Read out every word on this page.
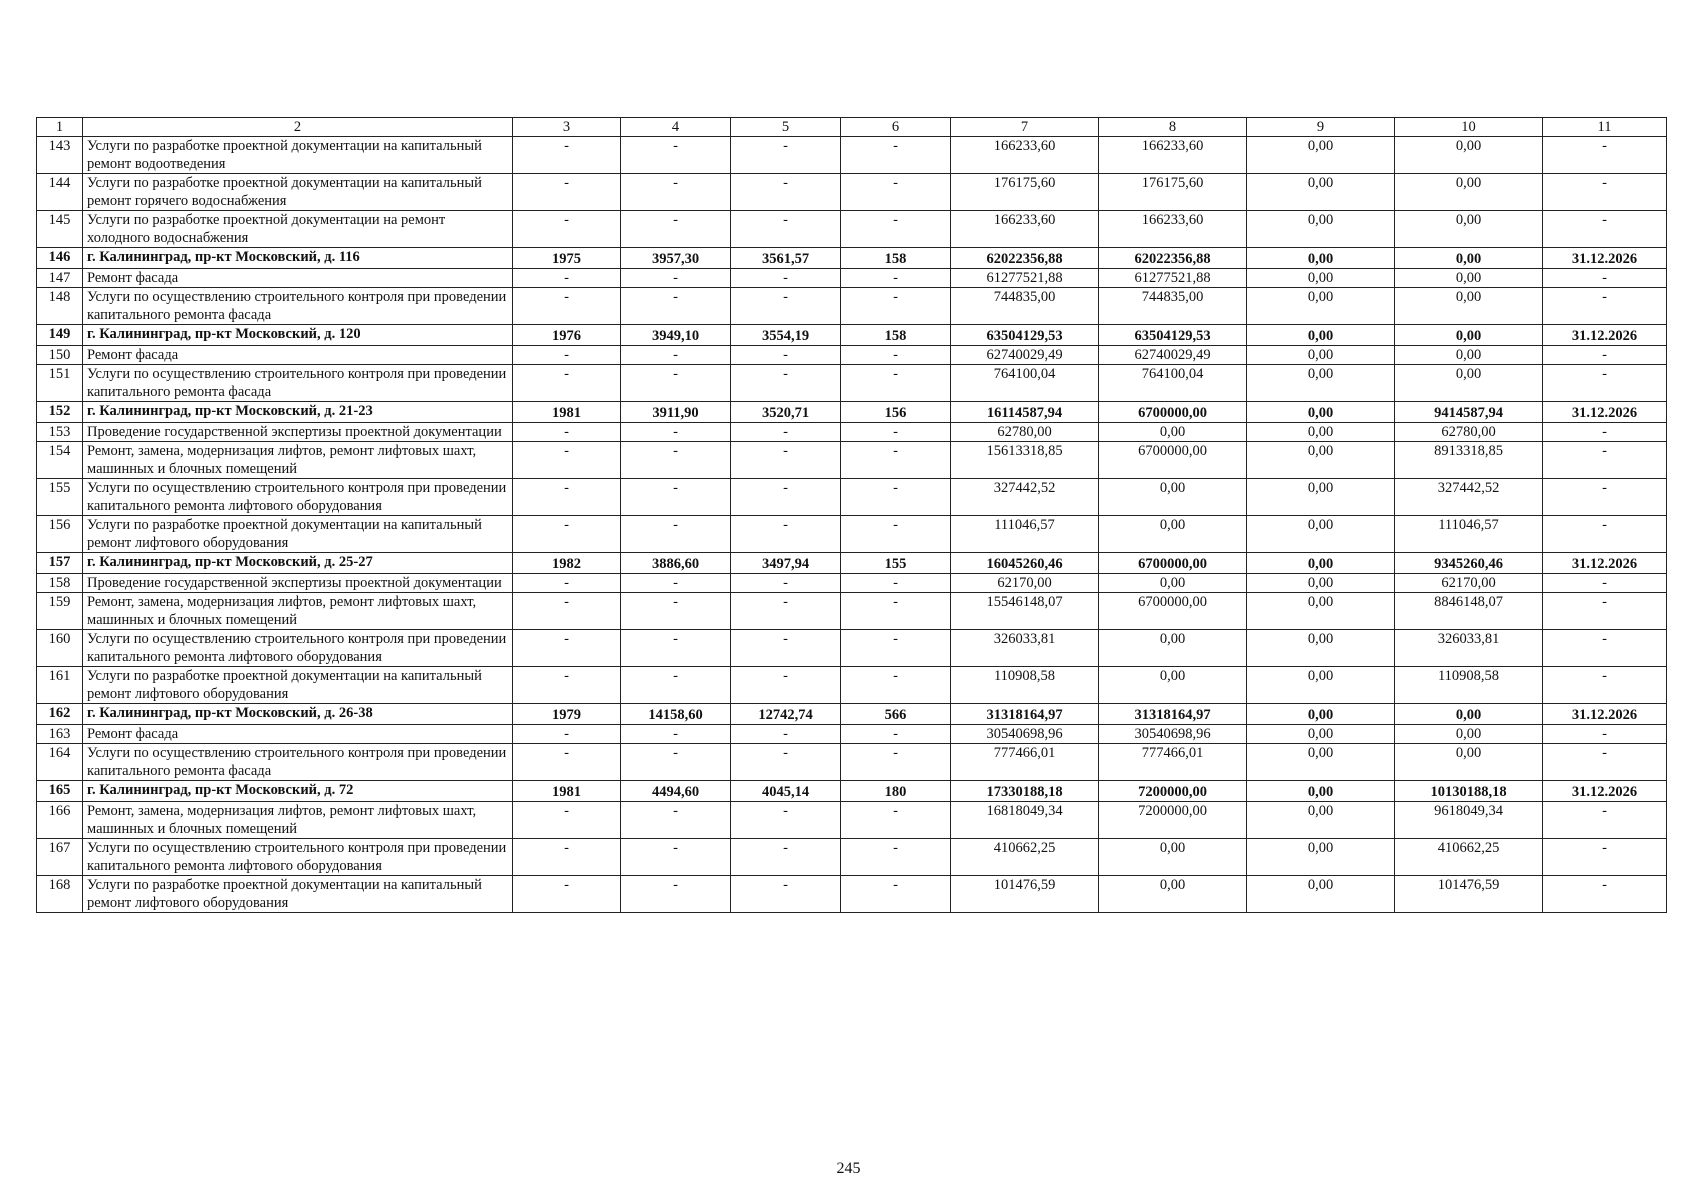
1	2	3	4	5	6	7	8	9	10	11
143	Услуги по разработке проектной документации на капитальный ремонт водоотведения	-	-	-	-	166233,60	166233,60	0,00	0,00	-
144	Услуги по разработке проектной документации на капитальный ремонт горячего водоснабжения	-	-	-	-	176175,60	176175,60	0,00	0,00	-
145	Услуги по разработке проектной документации на ремонт холодного водоснабжения	-	-	-	-	166233,60	166233,60	0,00	0,00	-
146	г. Калининград, пр-кт Московский, д. 116	1975	3957,30	3561,57	158	62022356,88	62022356,88	0,00	0,00	31.12.2026
147	Ремонт фасада	-	-	-	-	61277521,88	61277521,88	0,00	0,00	-
148	Услуги по осуществлению строительного контроля при проведении капитального ремонта фасада	-	-	-	-	744835,00	744835,00	0,00	0,00	-
149	г. Калининград, пр-кт Московский, д. 120	1976	3949,10	3554,19	158	63504129,53	63504129,53	0,00	0,00	31.12.2026
150	Ремонт фасада	-	-	-	-	62740029,49	62740029,49	0,00	0,00	-
151	Услуги по осуществлению строительного контроля при проведении капитального ремонта фасада	-	-	-	-	764100,04	764100,04	0,00	0,00	-
152	г. Калининград, пр-кт Московский, д. 21-23	1981	3911,90	3520,71	156	16114587,94	6700000,00	0,00	9414587,94	31.12.2026
153	Проведение государственной экспертизы проектной документации	-	-	-	-	62780,00	0,00	0,00	62780,00	-
154	Ремонт, замена, модернизация лифтов, ремонт лифтовых шахт, машинных и блочных помещений	-	-	-	-	15613318,85	6700000,00	0,00	8913318,85	-
155	Услуги по осуществлению строительного контроля при проведении капитального ремонта лифтового оборудования	-	-	-	-	327442,52	0,00	0,00	327442,52	-
156	Услуги по разработке проектной документации на капитальный ремонт лифтового оборудования	-	-	-	-	111046,57	0,00	0,00	111046,57	-
157	г. Калининград, пр-кт Московский, д. 25-27	1982	3886,60	3497,94	155	16045260,46	6700000,00	0,00	9345260,46	31.12.2026
158	Проведение государственной экспертизы проектной документации	-	-	-	-	62170,00	0,00	0,00	62170,00	-
159	Ремонт, замена, модернизация лифтов, ремонт лифтовых шахт, машинных и блочных помещений	-	-	-	-	15546148,07	6700000,00	0,00	8846148,07	-
160	Услуги по осуществлению строительного контроля при проведении капитального ремонта лифтового оборудования	-	-	-	-	326033,81	0,00	0,00	326033,81	-
161	Услуги по разработке проектной документации на капитальный ремонт лифтового оборудования	-	-	-	-	110908,58	0,00	0,00	110908,58	-
162	г. Калининград, пр-кт Московский, д. 26-38	1979	14158,60	12742,74	566	31318164,97	31318164,97	0,00	0,00	31.12.2026
163	Ремонт фасада	-	-	-	-	30540698,96	30540698,96	0,00	0,00	-
164	Услуги по осуществлению строительного контроля при проведении капитального ремонта фасада	-	-	-	-	777466,01	777466,01	0,00	0,00	-
165	г. Калининград, пр-кт Московский, д. 72	1981	4494,60	4045,14	180	17330188,18	7200000,00	0,00	10130188,18	31.12.2026
166	Ремонт, замена, модернизация лифтов, ремонт лифтовых шахт, машинных и блочных помещений	-	-	-	-	16818049,34	7200000,00	0,00	9618049,34	-
167	Услуги по осуществлению строительного контроля при проведении капитального ремонта лифтового оборудования	-	-	-	-	410662,25	0,00	0,00	410662,25	-
168	Услуги по разработке проектной документации на капитальный ремонт лифтового оборудования	-	-	-	-	101476,59	0,00	0,00	101476,59	-
245
